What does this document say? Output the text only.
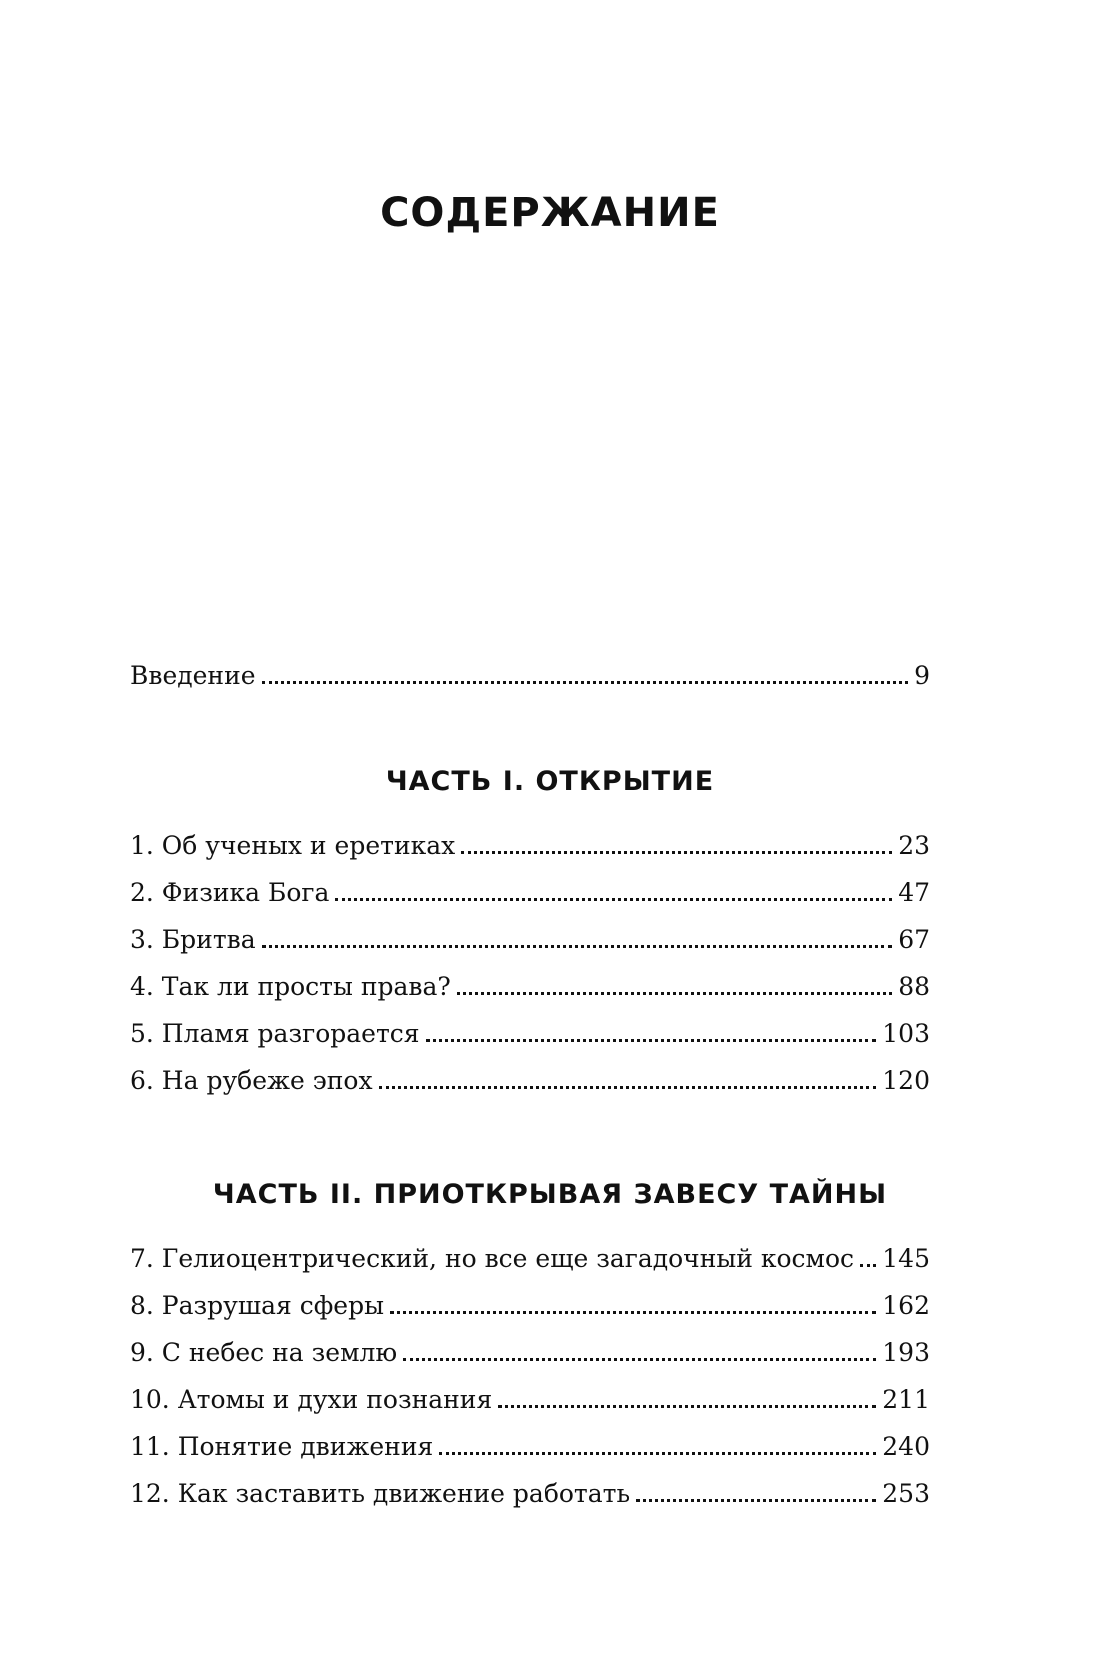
СОДЕРЖАНИЕ
Введение	9
ЧАСТЬ I. ОТКРЫТИЕ
1. Об ученых и еретиках	23
2. Физика Бога	47
3. Бритва	67
4. Так ли просты права?	88
5. Пламя разгорается	103
6. На рубеже эпох	120
ЧАСТЬ II. ПРИОТКРЫВАЯ ЗАВЕСУ ТАЙНЫ
7. Гелиоцентрический, но все еще загадочный космос 145
8. Разрушая сферы	162
9. С небес на землю	193
10. Атомы и духи познания	211
11. Понятие движения	240
12. Как заставить движение работать	253
